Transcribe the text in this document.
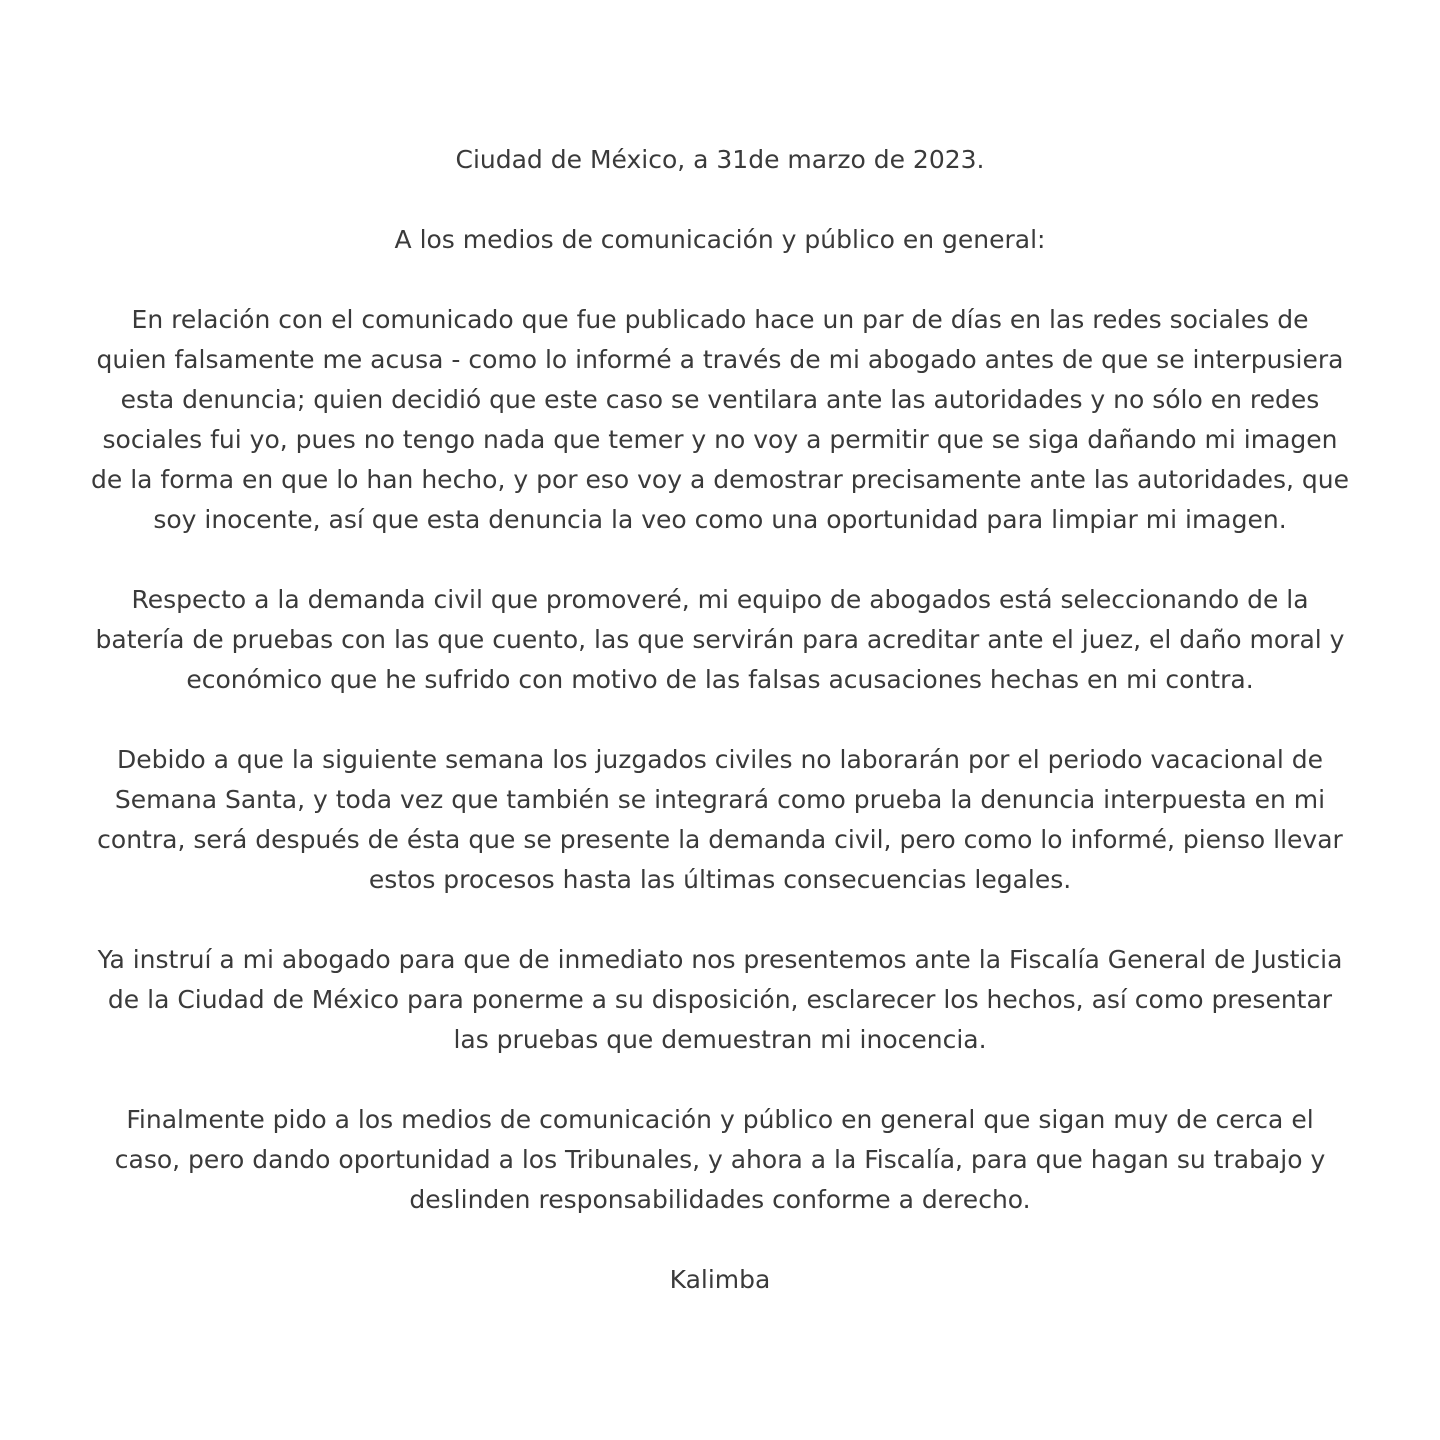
Ciudad de México, a 31de marzo de 2023.

A los medios de comunicación y público en general:

En relación con el comunicado que fue publicado hace un par de días en las redes sociales de
quien falsamente me acusa - como lo informé a través de mi abogado antes de que se interpusiera
esta denuncia; quien decidió que este caso se ventilara ante las autoridades y no sólo en redes
sociales fui yo, pues no tengo nada que temer y no voy a permitir que se siga dañando mi imagen
de la forma en que lo han hecho, y por eso voy a demostrar precisamente ante las autoridades, que
soy inocente, así que esta denuncia la veo como una oportunidad para limpiar mi imagen.
Respecto a la demanda civil que promoveré, mi equipo de abogados está seleccionando de la
batería de pruebas con las que cuento, las que servirán para acreditar ante el juez, el daño moral y
económico que he sufrido con motivo de las falsas acusaciones hechas en mi contra.
Debido a que la siguiente semana los juzgados civiles no laborarán por el periodo vacacional de
Semana Santa, y toda vez que también se integrará como prueba la denuncia interpuesta en mi
contra, será después de ésta que se presente la demanda civil, pero como lo informé, pienso llevar
estos procesos hasta las últimas consecuencias legales.
Ya instruí a mi abogado para que de inmediato nos presentemos ante la Fiscalía General de Justicia
de la Ciudad de México para ponerme a su disposición, esclarecer los hechos, así como presentar
las pruebas que demuestran mi inocencia.
Finalmente pido a los medios de comunicación y público en general que sigan muy de cerca el
caso, pero dando oportunidad a los Tribunales, y ahora a la Fiscalía, para que hagan su trabajo y
deslinden responsabilidades conforme a derecho.

Kalimba
